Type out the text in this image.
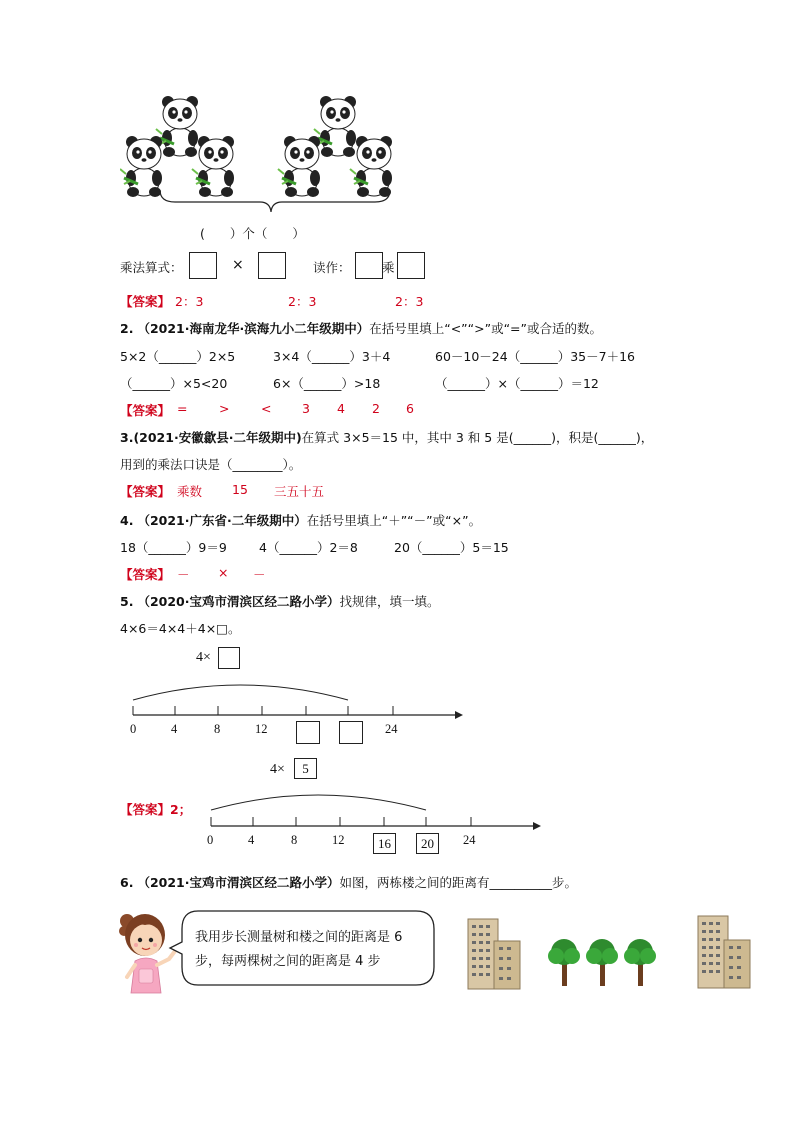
(　　）个（　　）
乘法算式：	×	读作：	乘
【答案】 2：3	2：3	2：3
2. （2021·海南龙华·滨海九小二年级期中）在括号里填上“<”“>”或“=”或合适的数。
5×2（______）2×5	3×4（______）3＋4	60－10－24（______）35－7＋16
（______）×5<20	6×（______）>18	（______）×（______）＝12
【答案】 =	>	< 3 4 2 6
3.(2021·安徽歙县·二年级期中)在算式 3×5＝15 中，其中 3 和 5 是(______)，积是(______)，
用到的乘法口诀是（________）。
【答案】 乘数 15 三五十五
4. （2021·广东省·二年级期中）在括号里填上“＋”“－”或“×”。
18（______）9＝9	4（______）2＝8	20（______）5＝15
【答案】 － × －
5. （2020·宝鸡市渭滨区经二路小学）找规律，填一填。
4×6＝4×4＋4×□。
4×
0	4	8	12	24
4×	5
【答案】2；
0	4	8	12	16	20	24
6. （2021·宝鸡市渭滨区经二路小学）如图，两栋楼之间的距离有__________步。
我用步长测量树和楼之间的距离是 6
步，每两棵树之间的距离是 4 步
